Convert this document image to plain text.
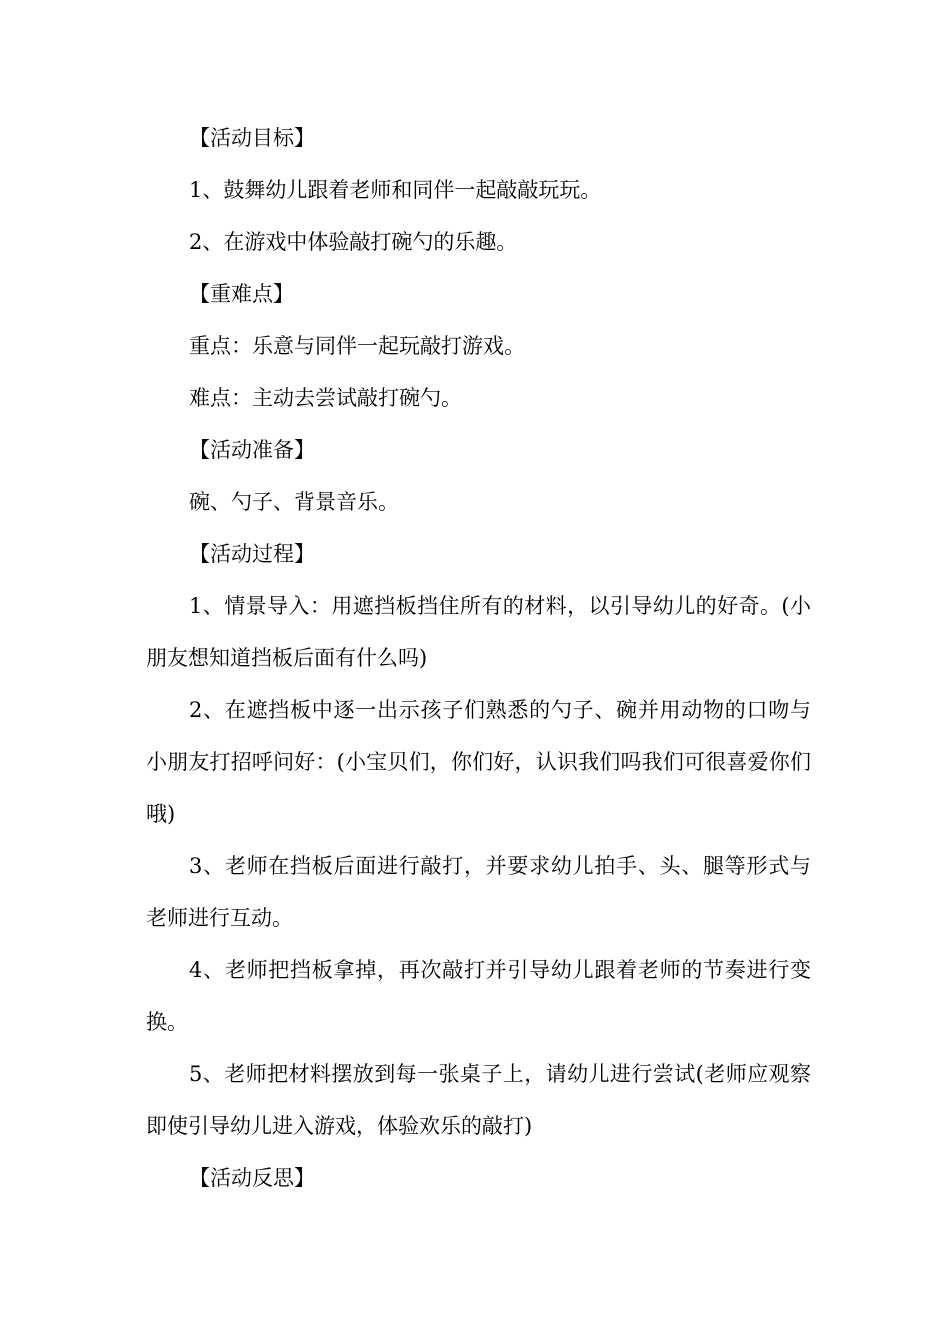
【活动目标】

1、鼓舞幼儿跟着老师和同伴一起敲敲玩玩。

2、在游戏中体验敲打碗勺的乐趣。

【重难点】

重点：乐意与同伴一起玩敲打游戏。

难点：主动去尝试敲打碗勺。

【活动准备】

碗、勺子、背景音乐。

【活动过程】

1、情景导入：用遮挡板挡住所有的材料，以引导幼儿的好奇。(小朋友想知道挡板后面有什么吗)

2、在遮挡板中逐一出示孩子们熟悉的勺子、碗并用动物的口吻与小朋友打招呼问好：(小宝贝们，你们好，认识我们吗我们可很喜爱你们哦)

3、老师在挡板后面进行敲打，并要求幼儿拍手、头、腿等形式与老师进行互动。

4、老师把挡板拿掉，再次敲打并引导幼儿跟着老师的节奏进行变换。

5、老师把材料摆放到每一张桌子上，请幼儿进行尝试(老师应观察即使引导幼儿进入游戏，体验欢乐的敲打)

【活动反思】
